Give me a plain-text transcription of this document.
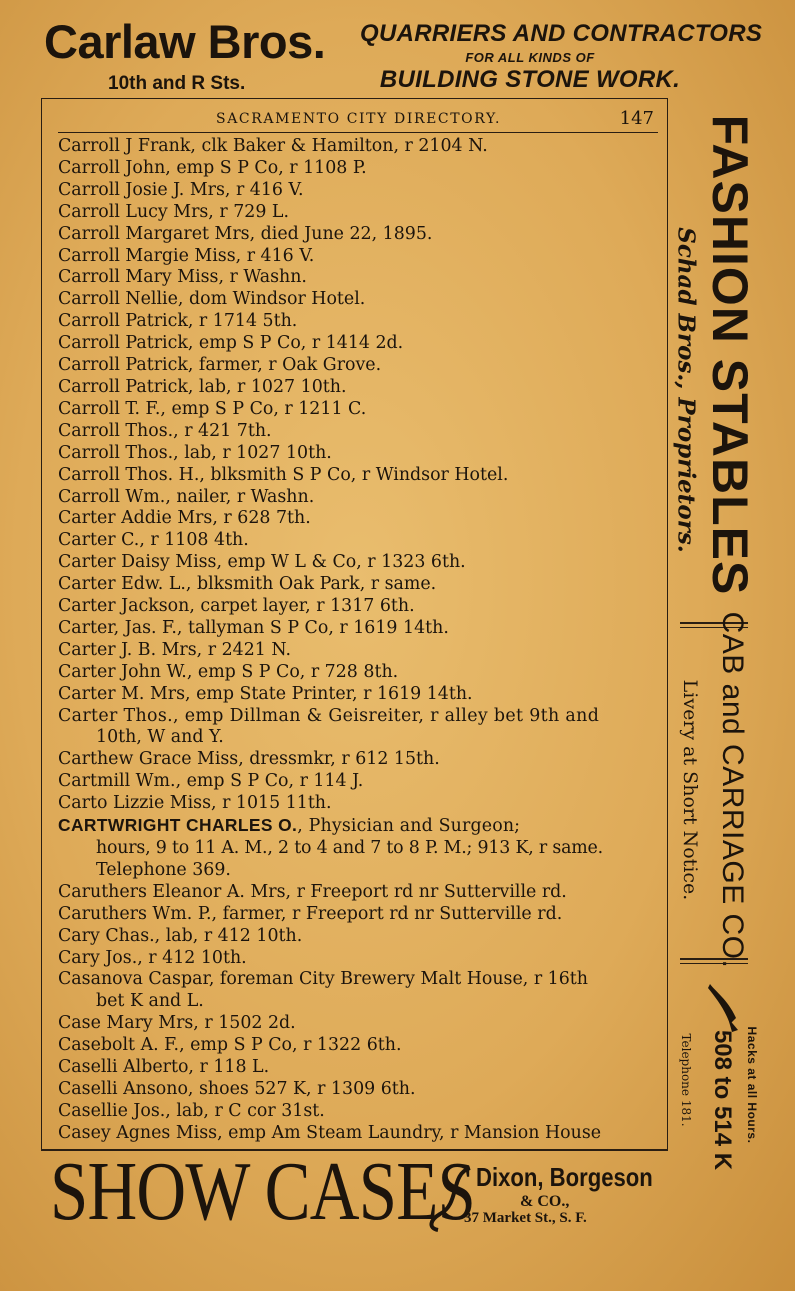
Carlaw Bros.
10th and R Sts.
QUARRIERS AND CONTRACTORS
FOR ALL KINDS OF
BUILDING STONE WORK.
SACRAMENTO CITY DIRECTORY.	147
Carroll J Frank, clk Baker & Hamilton, r 2104 N.
Carroll John, emp S P Co, r 1108 P.
Carroll Josie J. Mrs, r 416 V.
Carroll Lucy Mrs, r 729 L.
Carroll Margaret Mrs, died June 22, 1895.
Carroll Margie Miss, r 416 V.
Carroll Mary Miss, r Washn.
Carroll Nellie, dom Windsor Hotel.
Carroll Patrick, r 1714 5th.
Carroll Patrick, emp S P Co, r 1414 2d.
Carroll Patrick, farmer, r Oak Grove.
Carroll Patrick, lab, r 1027 10th.
Carroll T. F., emp S P Co, r 1211 C.
Carroll Thos., r 421 7th.
Carroll Thos., lab, r 1027 10th.
Carroll Thos. H., blksmith S P Co, r Windsor Hotel.
Carroll Wm., nailer, r Washn.
Carter Addie Mrs, r 628 7th.
Carter C., r 1108 4th.
Carter Daisy Miss, emp W L & Co, r 1323 6th.
Carter Edw. L., blksmith Oak Park, r same.
Carter Jackson, carpet layer, r 1317 6th.
Carter, Jas. F., tallyman S P Co, r 1619 14th.
Carter J. B. Mrs, r 2421 N.
Carter John W., emp S P Co, r 728 8th.
Carter M. Mrs, emp State Printer, r 1619 14th.
Carter Thos., emp Dillman & Geisreiter, r alley bet 9th and
10th, W and Y.
Carthew Grace Miss, dressmkr, r 612 15th.
Cartmill Wm., emp S P Co, r 114 J.
Carto Lizzie Miss, r 1015 11th.
CARTWRIGHT CHARLES O., Physician and Surgeon;
hours, 9 to 11 A. M., 2 to 4 and 7 to 8 P. M.; 913 K, r same.
Telephone 369.
Caruthers Eleanor A. Mrs, r Freeport rd nr Sutterville rd.
Caruthers Wm. P., farmer, r Freeport rd nr Sutterville rd.
Cary Chas., lab, r 412 10th.
Cary Jos., r 412 10th.
Casanova Caspar, foreman City Brewery Malt House, r 16th
bet K and L.
Case Mary Mrs, r 1502 2d.
Casebolt A. F., emp S P Co, r 1322 6th.
Caselli Alberto, r 118 L.
Caselli Ansono, shoes 527 K, r 1309 6th.
Casellie Jos., lab, r C cor 31st.
Casey Agnes Miss, emp Am Steam Laundry, r Mansion House
FASHION STABLES
Schad Bros., Proprietors.
CAB and CARRIAGE CO.
Livery at Short Notice.
508 to 514 K
Telephone 181.	Hacks at all Hours.
SHOW CASES Dixon, Borgeson
& CO.,
37 Market St., S. F.
